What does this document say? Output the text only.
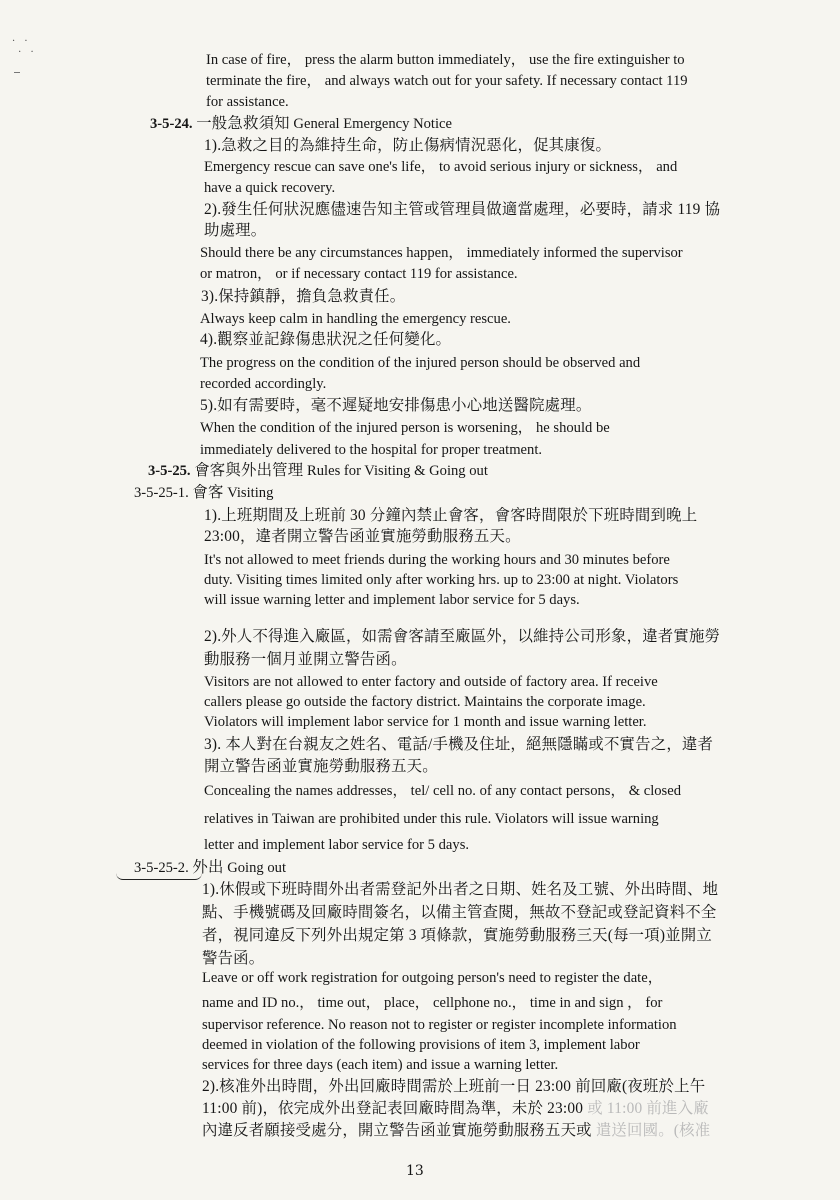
· ·
· ·	In case of fire， press the alarm button immediately， use the fire extinguisher to
terminate the fire， and always watch out for your safety. If necessary contact 119
for assistance.
3-5-24. 一般急救須知 General Emergency Notice
1).急救之目的為維持生命，防止傷病情況惡化，促其康復。
Emergency rescue can save one's life， to avoid serious injury or sickness， and
have a quick recovery.
2).發生任何狀況應儘速告知主管或管理員做適當處理，必要時，請求 119 協
助處理。
Should there be any circumstances happen， immediately informed the supervisor
or matron， or if necessary contact 119 for assistance.
3).保持鎮靜，擔負急救責任。
Always keep calm in handling the emergency rescue.
4).觀察並記錄傷患狀況之任何變化。
The progress on the condition of the injured person should be observed and
recorded accordingly.
5).如有需要時，毫不遲疑地安排傷患小心地送醫院處理。
When the condition of the injured person is worsening， he should be
immediately delivered to the hospital for proper treatment.
3-5-25. 會客與外出管理 Rules for Visiting & Going out
3-5-25-1. 會客 Visiting
1).上班期間及上班前 30 分鐘內禁止會客，會客時間限於下班時間到晚上
23:00，違者開立警告函並實施勞動服務五天。
It's not allowed to meet friends during the working hours and 30 minutes before
duty. Visiting times limited only after working hrs. up to 23:00 at night. Violators
will issue warning letter and implement labor service for 5 days.
2).外人不得進入廠區，如需會客請至廠區外，以維持公司形象，違者實施勞
動服務一個月並開立警告函。
Visitors are not allowed to enter factory and outside of factory area. If receive
callers please go outside the factory district. Maintains the corporate image.
Violators will implement labor service for 1 month and issue warning letter.
3). 本人對在台親友之姓名、電話/手機及住址，絕無隱瞞或不實告之，違者
開立警告函並實施勞動服務五天。
Concealing the names addresses， tel/ cell no. of any contact persons， & closed
relatives in Taiwan are prohibited under this rule. Violators will issue warning
letter and implement labor service for 5 days.
3-5-25-2. 外出 Going out
1).休假或下班時間外出者需登記外出者之日期、姓名及工號、外出時間、地
點、手機號碼及回廠時間簽名，以備主管查閱，無故不登記或登記資料不全
者，視同違反下列外出規定第 3 項條款，實施勞動服務三天(每一項)並開立
警告函。
Leave or off work registration for outgoing person's need to register the date，
name and ID no.， time out， place， cellphone no.， time in and sign ， for
supervisor reference. No reason not to register or register incomplete information
deemed in violation of the following provisions of item 3, implement labor
services for three days (each item) and issue a warning letter.
2).核准外出時間，外出回廠時間需於上班前一日 23:00 前回廠(夜班於上午
11:00 前)，依完成外出登記表回廠時間為準，未於 23:00 或 11:00 前進入廠
內違反者願接受處分，開立警告函並實施勞動服務五天或 遣送回國。(核准
13
